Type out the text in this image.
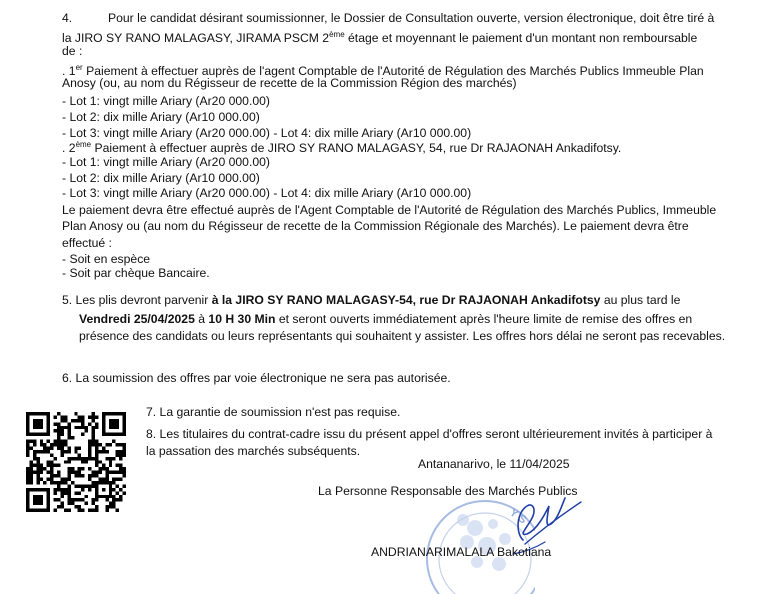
4.	Pour le candidat désirant soumissionner, le Dossier de Consultation ouverte, version électronique, doit être tiré à
la JIRO SY RANO MALAGASY, JIRAMA PSCM 2ème étage et moyennant le paiement d'un montant non remboursable
de :
. 1er Paiement à effectuer auprès de l'agent Comptable de l'Autorité de Régulation des Marchés Publics Immeuble Plan
Anosy (ou, au nom du Régisseur de recette de la Commission Région des marchés)
- Lot 1: vingt mille Ariary (Ar20 000.00)
- Lot 2: dix mille Ariary (Ar10 000.00)
- Lot 3: vingt mille Ariary (Ar20 000.00) - Lot 4: dix mille Ariary (Ar10 000.00)
. 2ème Paiement à effectuer auprès de JIRO SY RANO MALAGASY, 54, rue Dr RAJAONAH Ankadifotsy.
- Lot 1: vingt mille Ariary (Ar20 000.00)
- Lot 2: dix mille Ariary (Ar10 000.00)
- Lot 3: vingt mille Ariary (Ar20 000.00) - Lot 4: dix mille Ariary (Ar10 000.00)
Le paiement devra être effectué auprès de l'Agent Comptable de l'Autorité de Régulation des Marchés Publics, Immeuble
Plan Anosy ou (au nom du Régisseur de recette de la Commission Régionale des Marchés). Le paiement devra être
effectué :
- Soit en espèce
- Soit par chèque Bancaire.
5. Les plis devront parvenir à la JIRO SY RANO MALAGASY-54, rue Dr RAJAONAH Ankadifotsy au plus tard le
Vendredi 25/04/2025 à 10 H 30 Min et seront ouverts immédiatement après l'heure limite de remise des offres en
présence des candidats ou leurs représentants qui souhaitent y assister. Les offres hors délai ne seront pas recevables.
6. La soumission des offres par voie électronique ne sera pas autorisée.
7. La garantie de soumission n'est pas requise.
8. Les titulaires du contrat-cadre issu du présent appel d'offres seront ultérieurement invités à participer à
la passation des marchés subséquents.
Y S
Antananarivo, le 11/04/2025
La Personne Responsable des Marchés Publics
ANDRIANARIMALALA Bakotiana
